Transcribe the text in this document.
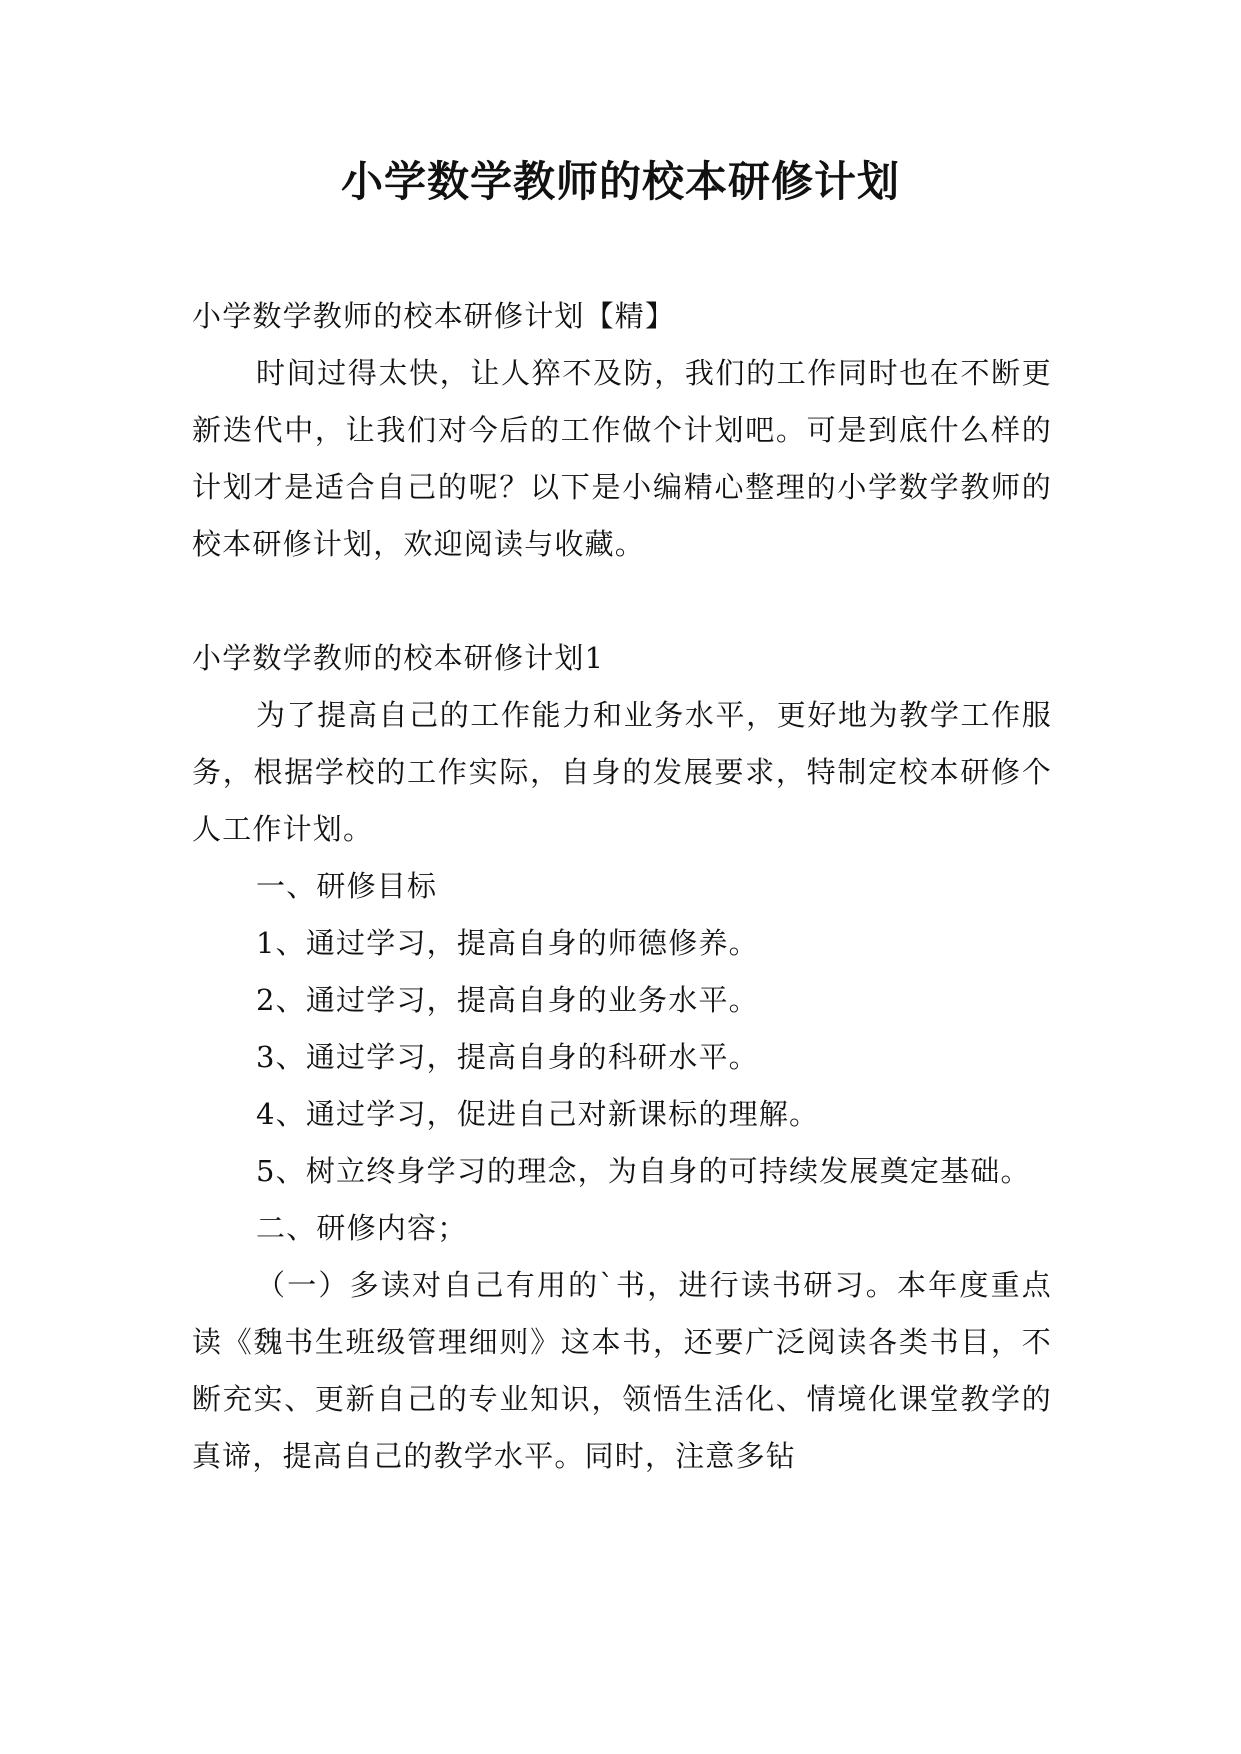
小学数学教师的校本研修计划

小学数学教师的校本研修计划【精】

时间过得太快，让人猝不及防，我们的工作同时也在不断更新迭代中，让我们对今后的工作做个计划吧。可是到底什么样的计划才是适合自己的呢？以下是小编精心整理的小学数学教师的校本研修计划，欢迎阅读与收藏。

小学数学教师的校本研修计划1

为了提高自己的工作能力和业务水平，更好地为教学工作服务，根据学校的工作实际，自身的发展要求，特制定校本研修个人工作计划。

一、研修目标

1、通过学习，提高自身的师德修养。

2、通过学习，提高自身的业务水平。

3、通过学习，提高自身的科研水平。

4、通过学习，促进自己对新课标的理解。

5、树立终身学习的理念，为自身的可持续发展奠定基础。

二、研修内容；

（一）多读对自己有用的`书，进行读书研习。本年度重点读《魏书生班级管理细则》这本书，还要广泛阅读各类书目，不断充实、更新自己的专业知识，领悟生活化、情境化课堂教学的真谛，提高自己的教学水平。同时，注意多钻
